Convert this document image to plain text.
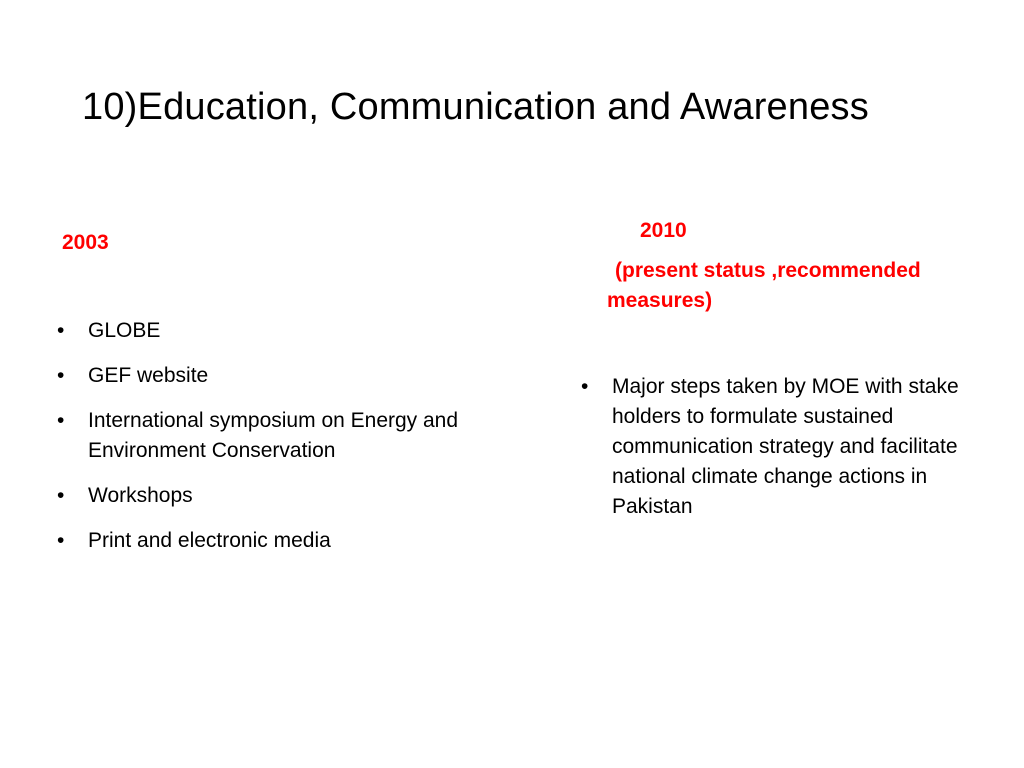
10)Education, Communication and Awareness
2003
• GLOBE
• GEF website
• International symposium on Energy and Environment Conservation
• Workshops
• Print and electronic media
2010
(present status ,recommended measures)
• Major steps taken by MOE with stake holders to formulate sustained communication strategy and facilitate national climate change actions in Pakistan
